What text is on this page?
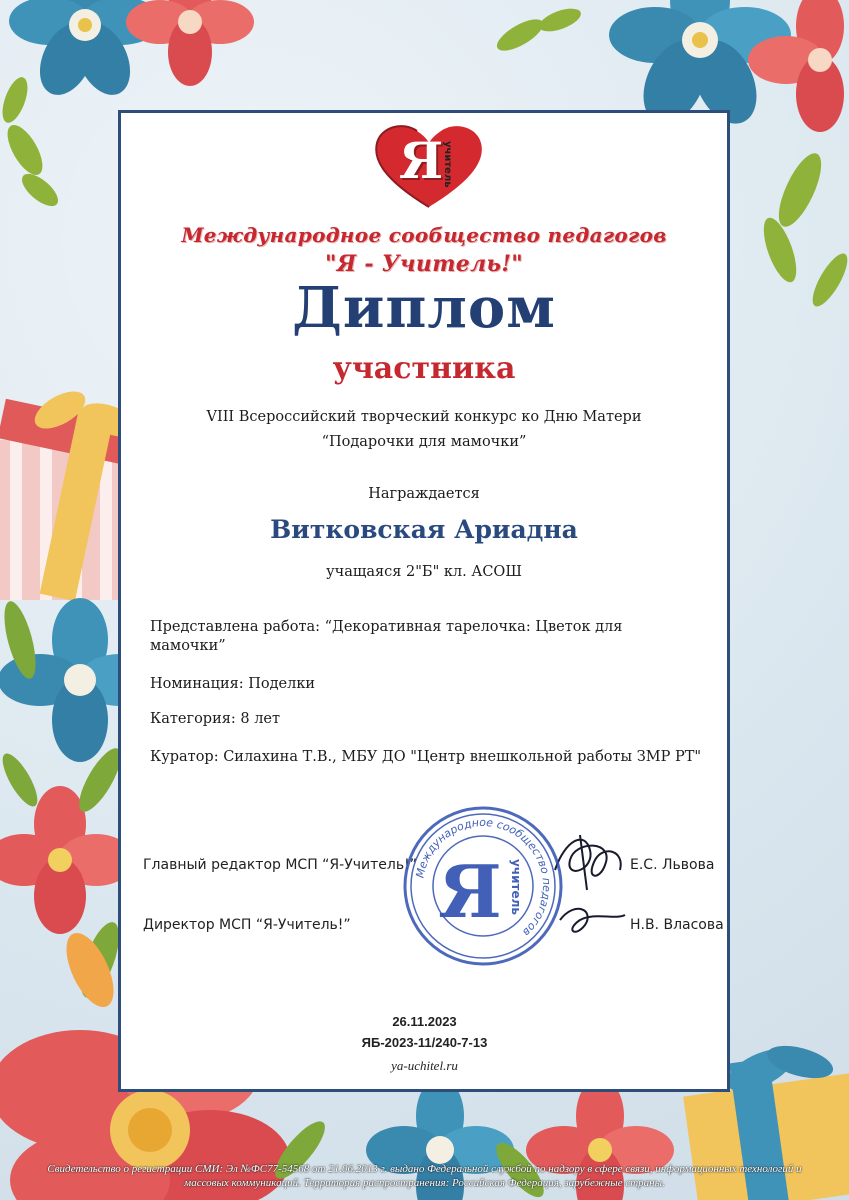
Я
учитель
Международное сообщество педагогов
"Я - Учитель!"
Диплом
участника
VIII Всероссийский творческий конкурс ко Дню Матери
“Подарочки для мамочки”
Награждается
Витковская Ариадна
учащаяся 2"Б" кл. АСОШ
Представлена работа: “Декоративная тарелочка: Цветок для
мамочки”
Номинация: Поделки
Категория: 8 лет
Куратор: Силахина Т.В., МБУ ДО "Центр внешкольной работы ЗМР РТ"
Главный редактор МСП “Я-Учитель!”	Е.С. Львова
Директор МСП “Я-Учитель!”	Н.В. Власова
Международное сообщество педагогов
Я учитель
26.11.2023
ЯБ-2023-11/240-7-13
ya-uchitel.ru
Свидетельство о регистрации СМИ: Эл №ФС77-54568 от 21.06.2013 г. выдано Федеральной службой по надзору в сфере связи, информационных технологий и массовых коммуникаций. Территория распространения: Российская Федерация, зарубежные страны.
